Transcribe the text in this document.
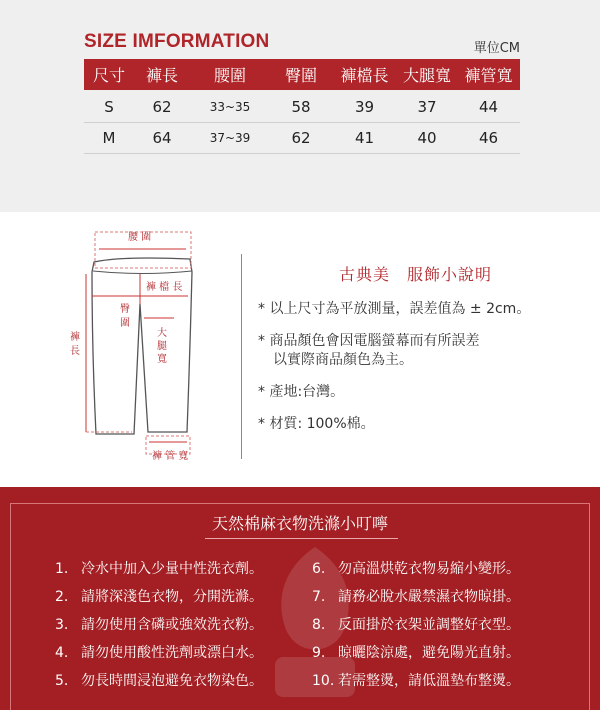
SIZE IMFORMATION	單位CM
尺寸	褲長	腰圍	臀圍	褲檔長	大腿寬	褲管寬
S	62	33~35	58	39	37	44
M	64	37~39	62	41	40	46
腰 圍
褲 檔 長
臀
圍
大
腿
寬
褲
長
褲 管 寬
古典美　服飾小說明
* 以上尺寸為平放測量，誤差值為 ± 2cm。
* 商品顏色會因電腦螢幕而有所誤差
以實際商品顏色為主。
* 產地:台灣。
* 材質: 100%棉。
天然棉麻衣物洗滌小叮嚀
1. 冷水中加入少量中性洗衣劑。
2. 請將深淺色衣物，分開洗滌。
3. 請勿使用含磷或強效洗衣粉。
4. 請勿使用酸性洗劑或漂白水。
5. 勿長時間浸泡避免衣物染色。
6. 勿高溫烘乾衣物易縮小變形。
7. 請務必脫水嚴禁濕衣物晾掛。
8. 反面掛於衣架並調整好衣型。
9. 晾曬陰涼處，避免陽光直射。
10. 若需整燙，請低溫墊布整燙。
